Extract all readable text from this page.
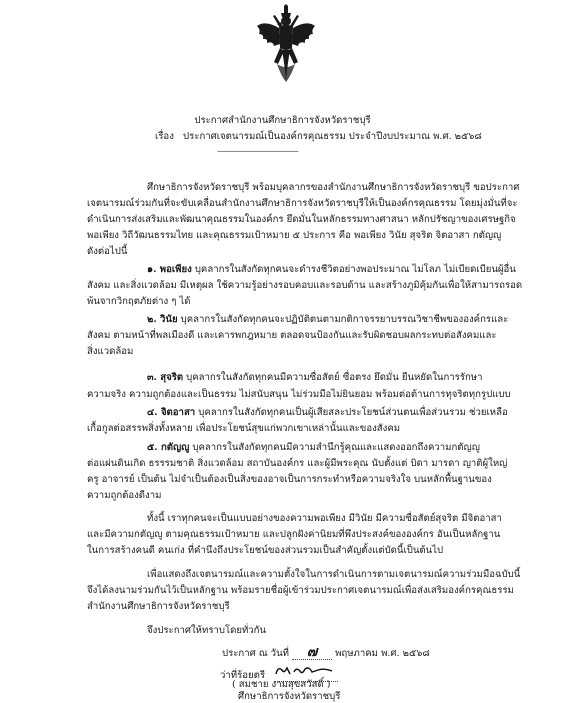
ประกาศสำนักงานศึกษาธิการจังหวัดราชบุรี
เรื่อง ประกาศเจตนารมณ์เป็นองค์กรคุณธรรม ประจำปีงบประมาณ พ.ศ. ๒๕๖๘
------------------------------------
ศึกษาธิการจังหวัดราชบุรี พร้อมบุคลากรของสำนักงานศึกษาธิการจังหวัดราชบุรี ขอประกาศ
เจตนารมณ์ร่วมกันที่จะขับเคลื่อนสำนักงานศึกษาธิการจังหวัดราชบุรีให้เป็นองค์กรคุณธรรม โดยมุ่งมั่นที่จะ
ดำเนินการส่งเสริมและพัฒนาคุณธรรมในองค์กร ยึดมั่นในหลักธรรมทางศาสนา หลักปรัชญาของเศรษฐกิจ
พอเพียง วิถีวัฒนธรรมไทย และคุณธรรมเป้าหมาย ๕ ประการ คือ พอเพียง วินัย สุจริต จิตอาสา กตัญญู
ดังต่อไปนี้
๑. พอเพียง บุคลากรในสังกัดทุกคนจะดำรงชีวิตอย่างพอประมาณ ไม่โลภ ไม่เบียดเบียนผู้อื่น
สังคม และสิ่งแวดล้อม มีเหตุผล ใช้ความรู้อย่างรอบคอบและรอบด้าน และสร้างภูมิคุ้มกันเพื่อให้สามารถรอด
พ้นจากวิกฤตภัยต่าง ๆ ได้
๒. วินัย บุคลากรในสังกัดทุกคนจะปฏิบัติตนตามกติกาจรรยาบรรณวิชาชีพขององค์กรและ
สังคม ตามหน้าที่พลเมืองดี และเคารพกฎหมาย ตลอดจนป้องกันและรับผิดชอบผลกระทบต่อสังคมและ
สิ่งแวดล้อม
๓. สุจริต บุคลากรในสังกัดทุกคนมีความซื่อสัตย์ ซื่อตรง ยึดมั่น ยืนหยัดในการรักษา
ความจริง ความถูกต้องและเป็นธรรม ไม่สนับสนุน ไม่ร่วมมือไม่ยินยอม พร้อมต่อต้านการทุจริตทุกรูปแบบ
๔. จิตอาสา บุคลากรในสังกัดทุกคนเป็นผู้เสียสละประโยชน์ส่วนตนเพื่อส่วนรวม ช่วยเหลือ
เกื้อกูลต่อสรรพสิ่งทั้งหลาย เพื่อประโยชน์สุขแก่พวกเขาเหล่านั้นและของสังคม
๕. กตัญญู บุคลากรในสังกัดทุกคนมีความสำนึกรู้คุณและแสดงออกถึงความกตัญญู
ต่อแผ่นดินเกิด ธรรรมชาติ สิ่งแวดล้อม สถาบันองค์กร และผู้มีพระคุณ นับตั้งแต่ บิดา มารดา ญาติผู้ใหญ่
ครู อาจารย์ เป็นต้น ไม่จำเป็นต้องเป็นสิ่งของอาจเป็นการกระทำหรือความจริงใจ บนหลักพื้นฐานของ
ความถูกต้องดีงาม
ทั้งนี้ เราทุกคนจะเป็นแบบอย่างของความพอเพียง มีวินัย มีความซื่อสัตย์สุจริต มีจิตอาสา
และมีความกตัญญู ตามคุณธรรมเป้าหมาย และปลูกฝังค่านิยมที่พึงประสงค์ขององค์กร อันเป็นหลักฐาน
ในการสร้างคนดี คนเก่ง ที่คำนึงถึงประโยชน์ของส่วนรวมเป็นสำคัญตั้งแต่บัดนี้เป็นต้นไป
เพื่อแสดงถึงเจตนารมณ์และความตั้งใจในการดำเนินการตามเจตนารมณ์ความร่วมมือฉบับนี้
จึงได้ลงนามร่วมกันไว้เป็นหลักฐาน พร้อมรายชื่อผู้เข้าร่วมประกาศเจตนารมณ์เพื่อส่งเสริมองค์กรคุณธรรม
สำนักงานศึกษาธิการจังหวัดราชบุรี
จึงประกาศให้ทราบโดยทั่วกัน
ประกาศ ณ วันที่ ๗ พฤษภาคม พ.ศ. ๒๕๖๘
ว่าที่ร้อยตรี
( สมชาย งามสุขสวัสดิ์ )
ศึกษาธิการจังหวัดราชบุรี
